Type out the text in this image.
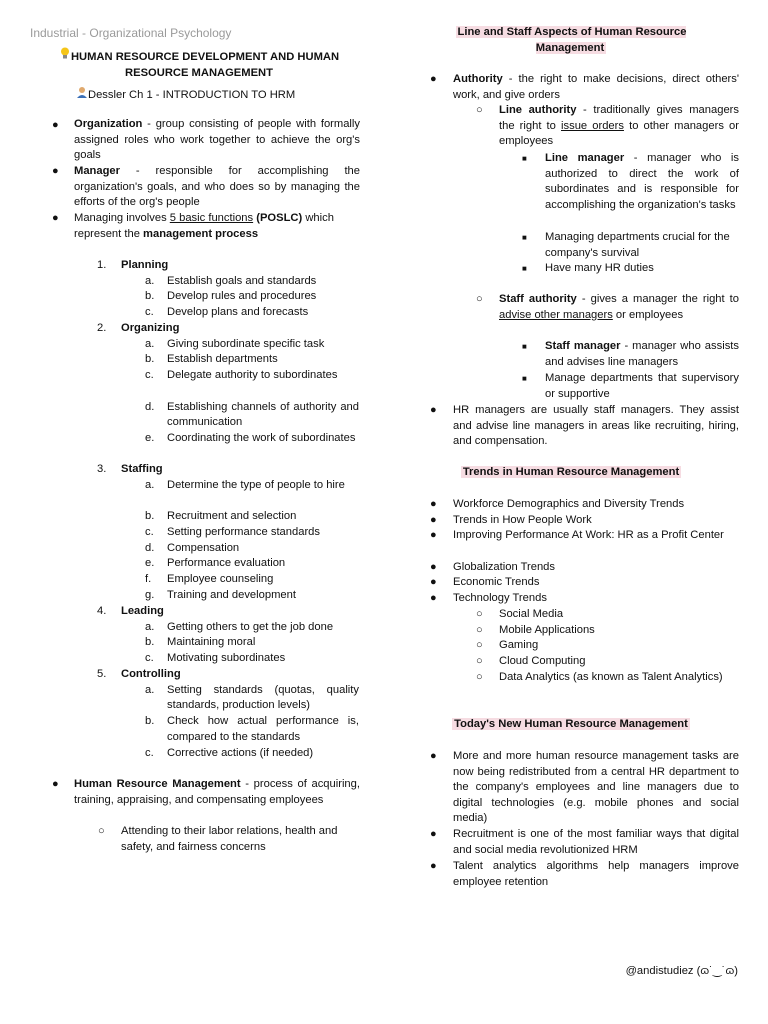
Industrial - Organizational Psychology
HUMAN RESOURCE DEVELOPMENT AND HUMAN RESOURCE MANAGEMENT
Dessler Ch 1 - INTRODUCTION TO HRM
● Organization - group consisting of people with formally assigned roles who work together to achieve the org's goals
● Manager - responsible for accomplishing the organization's goals, and who does so by managing the efforts of the org's people
● Managing involves 5 basic functions (POSLC) which represent the management process
1. Planning
a. Establish goals and standards
b. Develop rules and procedures
c. Develop plans and forecasts
2. Organizing
a. Giving subordinate specific task
b. Establish departments
c. Delegate authority to subordinates
d. Establishing channels of authority and communication
e. Coordinating the work of subordinates
3. Staffing
a. Determine the type of people to hire
b. Recruitment and selection
c. Setting performance standards
d. Compensation
e. Performance evaluation
f. Employee counseling
g. Training and development
4. Leading
a. Getting others to get the job done
b. Maintaining moral
c. Motivating subordinates
5. Controlling
a. Setting standards (quotas, quality standards, production levels)
b. Check how actual performance is, compared to the standards
c. Corrective actions (if needed)
● Human Resource Management - process of acquiring, training, appraising, and compensating employees
○ Attending to their labor relations, health and safety, and fairness concerns
Line and Staff Aspects of Human Resource Management
● Authority - the right to make decisions, direct others' work, and give orders
○ Line authority - traditionally gives managers the right to issue orders to other managers or employees
■ Line manager - manager who is authorized to direct the work of subordinates and is responsible for accomplishing the organization's tasks
■ Managing departments crucial for the company's survival
■ Have many HR duties
○ Staff authority - gives a manager the right to advise other managers or employees
■ Staff manager - manager who assists and advises line managers
■ Manage departments that supervisory or supportive
● HR managers are usually staff managers. They assist and advise line managers in areas like recruiting, hiring, and compensation.
Trends in Human Resource Management
● Workforce Demographics and Diversity Trends
● Trends in How People Work
● Improving Performance At Work: HR as a Profit Center
● Globalization Trends
● Economic Trends
● Technology Trends
○ Social Media
○ Mobile Applications
○ Gaming
○ Cloud Computing
○ Data Analytics (as known as Talent Analytics)
Today's New Human Resource Management
● More and more human resource management tasks are now being redistributed from a central HR department to the company's employees and line managers due to digital technologies (e.g. mobile phones and social media)
● Recruitment is one of the most familiar ways that digital and social media revolutionized HRM
● Talent analytics algorithms help managers improve employee retention
@andistudiez (ɷ˙‿˙ɷ)
